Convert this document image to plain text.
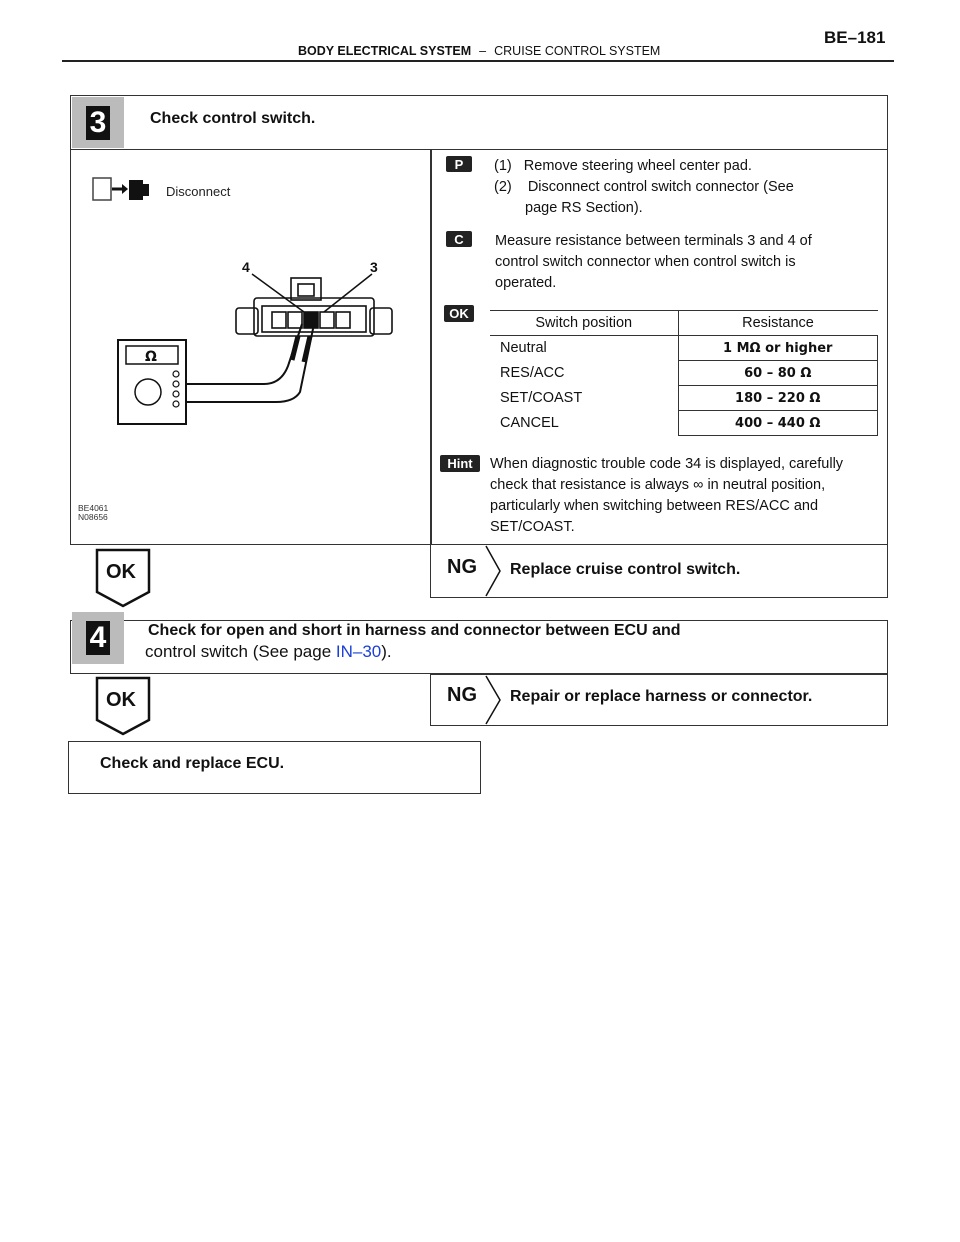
BE–181
BODY ELECTRICAL SYSTEM – CRUISE CONTROL SYSTEM
3	Check control switch.
Disconnect
4	3
Ω
BE4061
N08656
P	(1)   Remove steering wheel center pad.
(2)    Disconnect control switch connector (See
page RS Section).
C	Measure resistance between terminals 3 and 4 of
control switch connector when control switch is
operated.
OK
Switch position	Resistance
Neutral	1 MΩ or higher
RES/ACC	60 – 80 Ω
SET/COAST	180 – 220 Ω
CANCEL	400 – 440 Ω
Hint	When diagnostic trouble code 34 is displayed, carefully
check that resistance is always ∞ in neutral position,
particularly when switching between RES/ACC and
SET/COAST.
OK	NG Replace cruise control switch.
4	Check for open and short in harness and connector between ECU and
control switch (See page IN–30).
OK	NG Repair or replace harness or connector.
Check and replace ECU.
